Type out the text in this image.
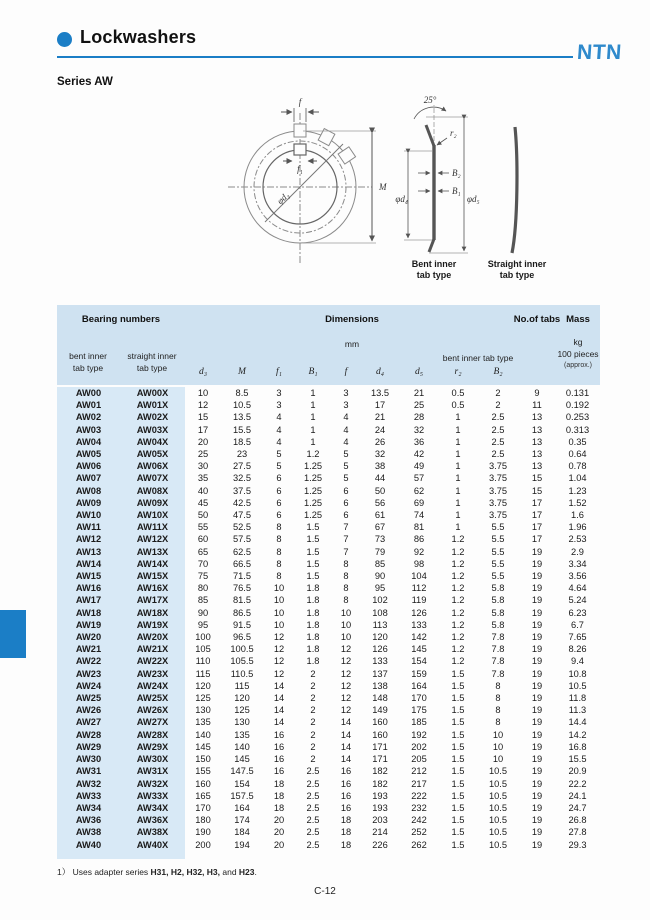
Lockwashers
NTN
Series AW
f
f₁
φd₃
M
25°
r₂
B₂
B₁
φd₄	φd₅
Bent inner
tab type
Straight inner
tab type
Bearing numbers	Dimensions	No.of tabs Mass
mm	kg
100 pieces
(approx.)
bent inner
tab type
straight inner
tab type
bent inner tab type
d₃	M	f₁	B₁	f	d₄	d₅	r₂	B₂
AW00	AW00X	10	8.5	3	1	3	13.5	21	0.5	2	9	0.131
AW01	AW01X	12	10.5	3	1	3	17	25	0.5	2	11	0.192
AW02	AW02X	15	13.5	4	1	4	21	28	1	2.5	13	0.253
AW03	AW03X	17	15.5	4	1	4	24	32	1	2.5	13	0.313
AW04	AW04X	20	18.5	4	1	4	26	36	1	2.5	13	0.35
AW05	AW05X	25	23	5	1.2	5	32	42	1	2.5	13	0.64
AW06	AW06X	30	27.5	5	1.25	5	38	49	1	3.75	13	0.78
AW07	AW07X	35	32.5	6	1.25	5	44	57	1	3.75	15	1.04
AW08	AW08X	40	37.5	6	1.25	6	50	62	1	3.75	15	1.23
AW09	AW09X	45	42.5	6	1.25	6	56	69	1	3.75	17	1.52
AW10	AW10X	50	47.5	6	1.25	6	61	74	1	3.75	17	1.6
AW11	AW11X	55	52.5	8	1.5	7	67	81	1	5.5	17	1.96
AW12	AW12X	60	57.5	8	1.5	7	73	86	1.2	5.5	17	2.53
AW13	AW13X	65	62.5	8	1.5	7	79	92	1.2	5.5	19	2.9
AW14	AW14X	70	66.5	8	1.5	8	85	98	1.2	5.5	19	3.34
AW15	AW15X	75	71.5	8	1.5	8	90	104	1.2	5.5	19	3.56
AW16	AW16X	80	76.5	10	1.8	8	95	112	1.2	5.8	19	4.64
AW17	AW17X	85	81.5	10	1.8	8	102	119	1.2	5.8	19	5.24
AW18	AW18X	90	86.5	10	1.8	10	108	126	1.2	5.8	19	6.23
AW19	AW19X	95	91.5	10	1.8	10	113	133	1.2	5.8	19	6.7
AW20	AW20X	100	96.5	12	1.8	10	120	142	1.2	7.8	19	7.65
AW21	AW21X	105	100.5	12	1.8	12	126	145	1.2	7.8	19	8.26
AW22	AW22X	110	105.5	12	1.8	12	133	154	1.2	7.8	19	9.4
AW23	AW23X	115	110.5	12	2	12	137	159	1.5	7.8	19	10.8
AW24	AW24X	120	115	14	2	12	138	164	1.5	8	19	10.5
AW25	AW25X	125	120	14	2	12	148	170	1.5	8	19	11.8
AW26	AW26X	130	125	14	2	12	149	175	1.5	8	19	11.3
AW27	AW27X	135	130	14	2	14	160	185	1.5	8	19	14.4
AW28	AW28X	140	135	16	2	14	160	192	1.5	10	19	14.2
AW29	AW29X	145	140	16	2	14	171	202	1.5	10	19	16.8
AW30	AW30X	150	145	16	2	14	171	205	1.5	10	19	15.5
AW31	AW31X	155	147.5	16	2.5	16	182	212	1.5	10.5	19	20.9
AW32	AW32X	160	154	18	2.5	16	182	217	1.5	10.5	19	22.2
AW33	AW33X	165	157.5	18	2.5	16	193	222	1.5	10.5	19	24.1
AW34	AW34X	170	164	18	2.5	16	193	232	1.5	10.5	19	24.7
AW36	AW36X	180	174	20	2.5	18	203	242	1.5	10.5	19	26.8
AW38	AW38X	190	184	20	2.5	18	214	252	1.5	10.5	19	27.8
AW40	AW40X	200	194	20	2.5	18	226	262	1.5	10.5	19	29.3

1） Uses adapter series H31, H2, H32, H3, and H23.
C-12
